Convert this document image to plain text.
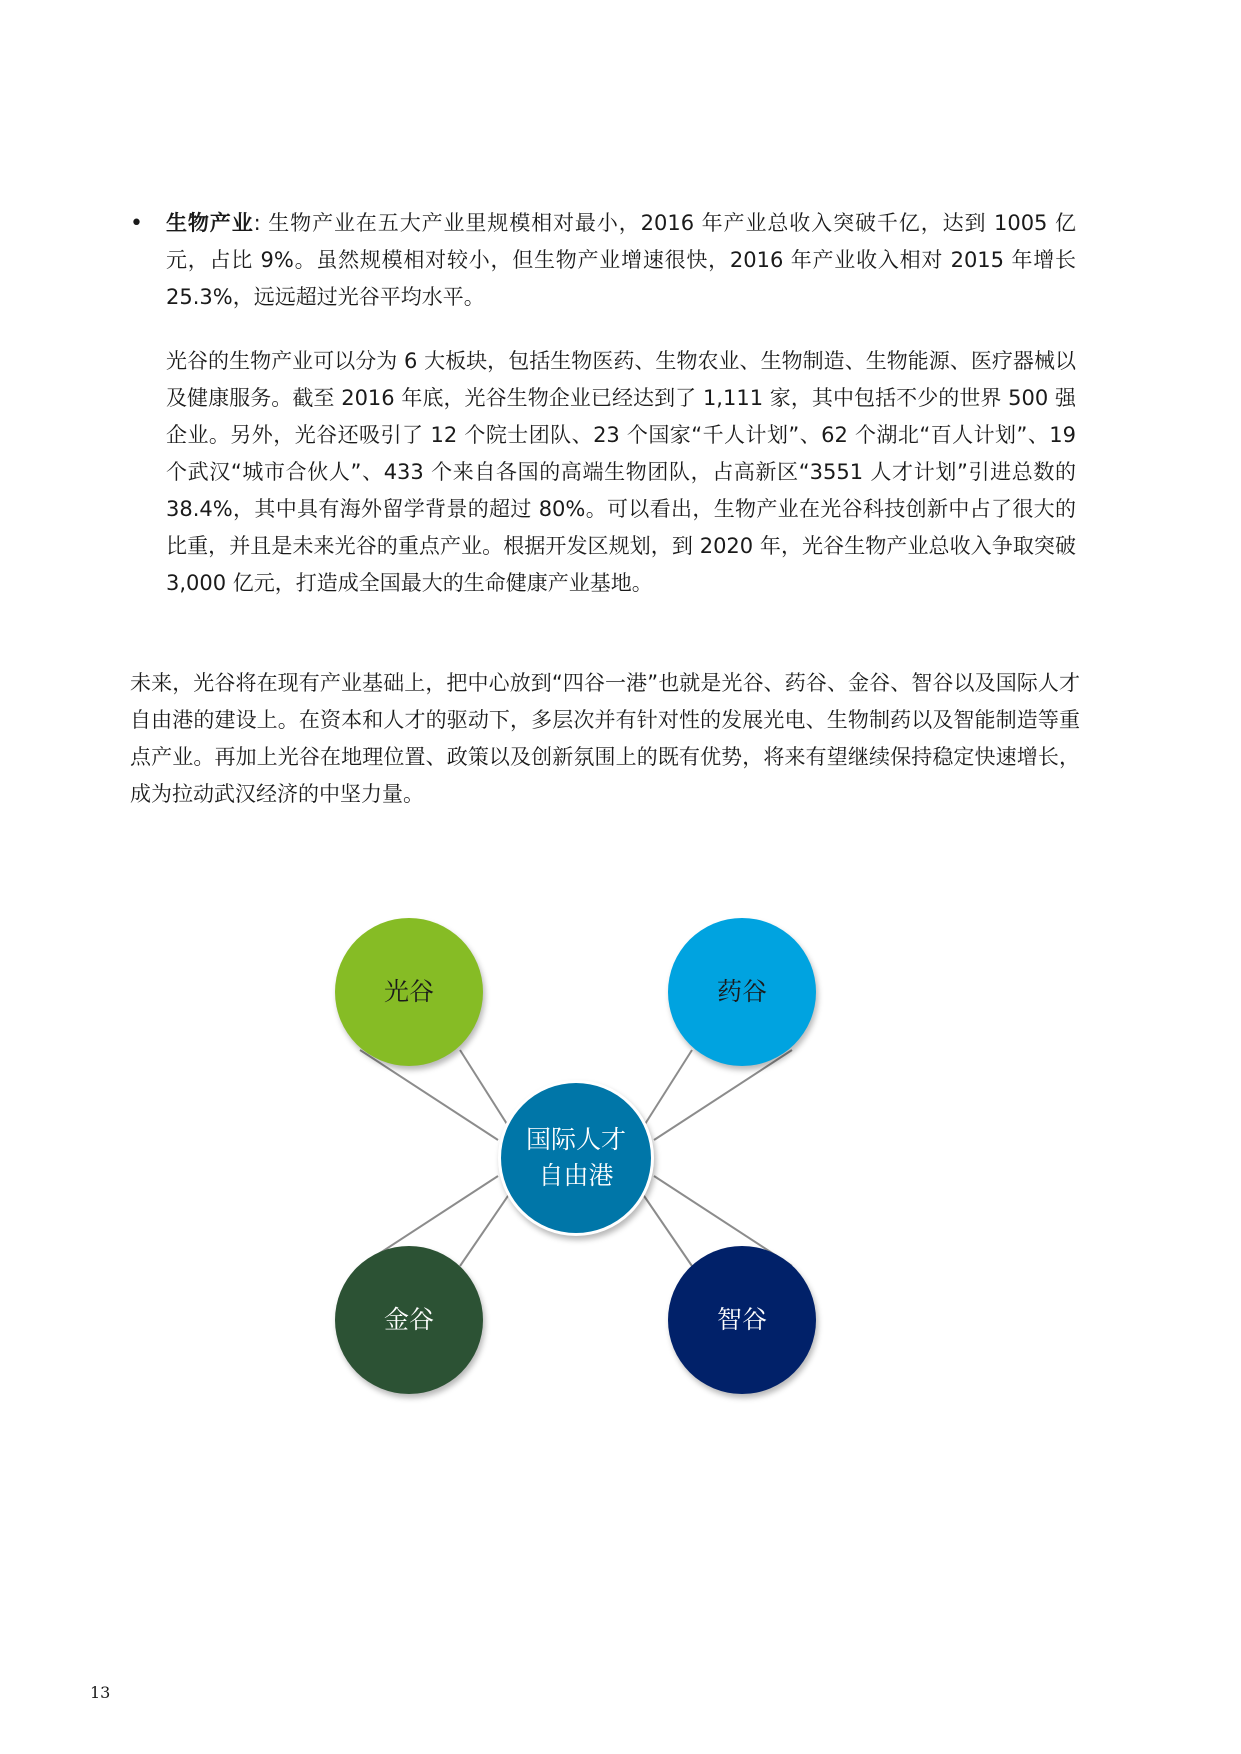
• 生物产业: 生物产业在五大产业里规模相对最小，2016 年产业总收入突破千亿，达到 1005 亿元，占比 9%。虽然规模相对较小，但生物产业增速很快，2016 年产业收入相对 2015 年增长 25.3%，远远超过光谷平均水平。

光谷的生物产业可以分为 6 大板块，包括生物医药、生物农业、生物制造、生物能源、医疗器械以及健康服务。截至 2016 年底，光谷生物企业已经达到了 1,111 家，其中包括不少的世界 500 强企业。另外，光谷还吸引了 12 个院士团队、23 个国家“千人计划”、62 个湖北“百人计划”、19 个武汉“城市合伙人”、433 个来自各国的高端生物团队，占高新区“3551 人才计划”引进总数的 38.4%，其中具有海外留学背景的超过 80%。可以看出，生物产业在光谷科技创新中占了很大的比重，并且是未来光谷的重点产业。根据开发区规划，到 2020 年，光谷生物产业总收入争取突破 3,000 亿元，打造成全国最大的生命健康产业基地。

未来，光谷将在现有产业基础上，把中心放到“四谷一港”也就是光谷、药谷、金谷、智谷以及国际人才自由港的建设上。在资本和人才的驱动下，多层次并有针对性的发展光电、生物制药以及智能制造等重点产业。再加上光谷在地理位置、政策以及创新氛围上的既有优势，将来有望继续保持稳定快速增长，成为拉动武汉经济的中坚力量。

光谷	药谷
金谷	智谷
国际人才
自由港
13
